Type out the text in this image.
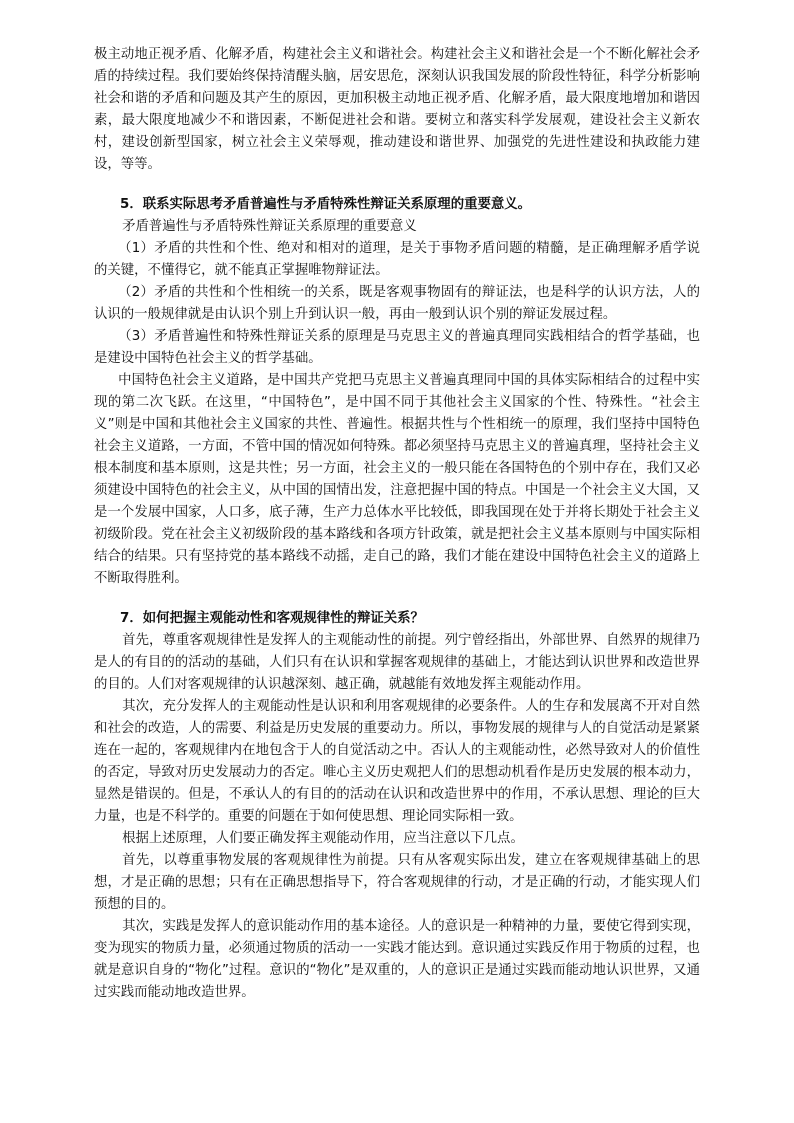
极主动地正视矛盾、化解矛盾，构建社会主义和谐社会。构建社会主义和谐社会是一个不断化解社会矛盾的持续过程。我们要始终保持清醒头脑，居安思危，深刻认识我国发展的阶段性特征，科学分析影响社会和谐的矛盾和问题及其产生的原因，更加积极主动地正视矛盾、化解矛盾，最大限度地增加和谐因素，最大限度地减少不和谐因素，不断促进社会和谐。要树立和落实科学发展观，建设社会主义新农村，建设创新型国家，树立社会主义荣辱观，推动建设和谐世界、加强党的先进性建设和执政能力建设，等等。

5．联系实际思考矛盾普遍性与矛盾特殊性辩证关系原理的重要意义。

矛盾普遍性与矛盾特殊性辩证关系原理的重要意义

（1）矛盾的共性和个性、绝对和相对的道理，是关于事物矛盾问题的精髓，是正确理解矛盾学说的关键，不懂得它，就不能真正掌握唯物辩证法。

（2）矛盾的共性和个性相统一的关系，既是客观事物固有的辩证法，也是科学的认识方法，人的认识的一般规律就是由认识个别上升到认识一般，再由一般到认识个别的辩证发展过程。

（3）矛盾普遍性和特殊性辩证关系的原理是马克思主义的普遍真理同实践相结合的哲学基础，也是建设中国特色社会主义的哲学基础。

中国特色社会主义道路，是中国共产党把马克思主义普遍真理同中国的具体实际相结合的过程中实现的第二次飞跃。在这里，“中国特色”，是中国不同于其他社会主义国家的个性、特殊性。“社会主义”则是中国和其他社会主义国家的共性、普遍性。根据共性与个性相统一的原理，我们坚持中国特色社会主义道路，一方面，不管中国的情况如何特殊。都必须坚持马克思主义的普遍真理，坚持社会主义根本制度和基本原则，这是共性；另一方面，社会主义的一般只能在各国特色的个别中存在，我们又必须建设中国特色的社会主义，从中国的国情出发，注意把握中国的特点。中国是一个社会主义大国，又是一个发展中国家，人口多，底子薄，生产力总体水平比较低，即我国现在处于并将长期处于社会主义初级阶段。党在社会主义初级阶段的基本路线和各项方针政策，就是把社会主义基本原则与中国实际相结合的结果。只有坚持党的基本路线不动摇，走自己的路，我们才能在建设中国特色社会主义的道路上不断取得胜利。

7．如何把握主观能动性和客观规律性的辩证关系？

首先，尊重客观规律性是发挥人的主观能动性的前提。列宁曾经指出，外部世界、自然界的规律乃是人的有目的的活动的基础，人们只有在认识和掌握客观规律的基础上，才能达到认识世界和改造世界的目的。人们对客观规律的认识越深刻、越正确，就越能有效地发挥主观能动作用。

其次，充分发挥人的主观能动性是认识和利用客观规律的必要条件。人的生存和发展离不开对自然和社会的改造，人的需要、利益是历史发展的重要动力。所以，事物发展的规律与人的自觉活动是紧紧连在一起的，客观规律内在地包含于人的自觉活动之中。否认人的主观能动性，必然导致对人的价值性的否定，导致对历史发展动力的否定。唯心主义历史观把人们的思想动机看作是历史发展的根本动力，显然是错误的。但是，不承认人的有目的的活动在认识和改造世界中的作用，不承认思想、理论的巨大力量，也是不科学的。重要的问题在于如何使思想、理论同实际相一致。

根据上述原理，人们要正确发挥主观能动作用，应当注意以下几点。

首先，以尊重事物发展的客观规律性为前提。只有从客观实际出发，建立在客观规律基础上的思想，才是正确的思想；只有在正确思想指导下，符合客观规律的行动，才是正确的行动，才能实现人们预想的目的。

其次，实践是发挥人的意识能动作用的基本途径。人的意识是一种精神的力量，要使它得到实现，变为现实的物质力量，必须通过物质的活动一一实践才能达到。意识通过实践反作用于物质的过程，也就是意识自身的“物化”过程。意识的“物化”是双重的，人的意识正是通过实践而能动地认识世界，又通过实践而能动地改造世界。
